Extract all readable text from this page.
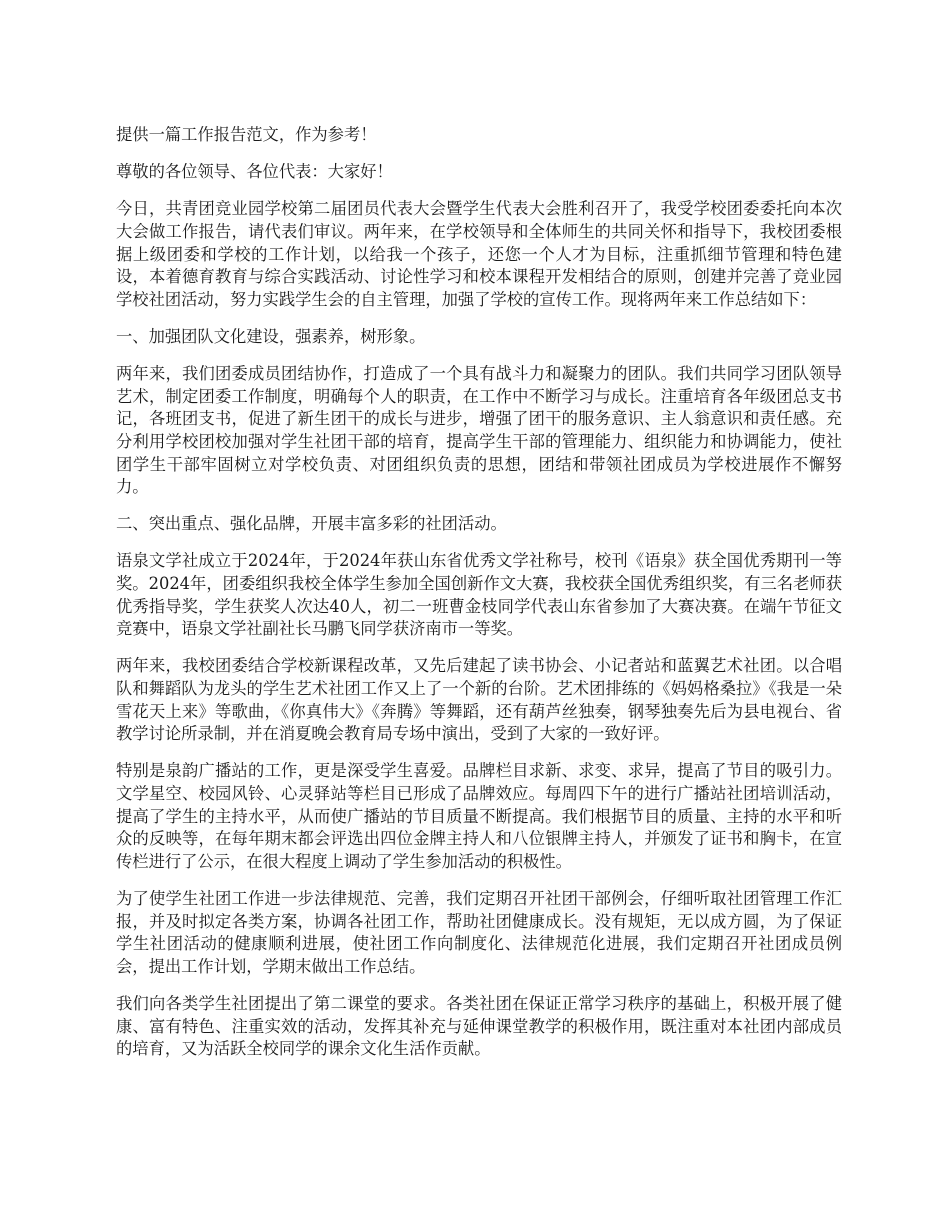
提供一篇工作报告范文，作为参考！

尊敬的各位领导、各位代表：大家好！

今日，共青团竞业园学校第二届团员代表大会暨学生代表大会胜利召开了，我受学校团委委托向本次大会做工作报告，请代表们审议。两年来，在学校领导和全体师生的共同关怀和指导下，我校团委根据上级团委和学校的工作计划，以给我一个孩子，还您一个人才为目标，注重抓细节管理和特色建设，本着德育教育与综合实践活动、讨论性学习和校本课程开发相结合的原则，创建并完善了竞业园学校社团活动，努力实践学生会的自主管理，加强了学校的宣传工作。现将两年来工作总结如下：

一、加强团队文化建设，强素养，树形象。

两年来，我们团委成员团结协作，打造成了一个具有战斗力和凝聚力的团队。我们共同学习团队领导艺术，制定团委工作制度，明确每个人的职责，在工作中不断学习与成长。注重培育各年级团总支书记，各班团支书，促进了新生团干的成长与进步，增强了团干的服务意识、主人翁意识和责任感。充分利用学校团校加强对学生社团干部的培育，提高学生干部的管理能力、组织能力和协调能力，使社团学生干部牢固树立对学校负责、对团组织负责的思想，团结和带领社团成员为学校进展作不懈努力。

二、突出重点、强化品牌，开展丰富多彩的社团活动。

语泉文学社成立于2024年，于2024年获山东省优秀文学社称号，校刊《语泉》获全国优秀期刊一等奖。2024年，团委组织我校全体学生参加全国创新作文大赛，我校获全国优秀组织奖，有三名老师获优秀指导奖，学生获奖人次达40人，初二一班曹金枝同学代表山东省参加了大赛决赛。在端午节征文竞赛中，语泉文学社副社长马鹏飞同学获济南市一等奖。

两年来，我校团委结合学校新课程改革，又先后建起了读书协会、小记者站和蓝翼艺术社团。以合唱队和舞蹈队为龙头的学生艺术社团工作又上了一个新的台阶。艺术团排练的《妈妈格桑拉》《我是一朵雪花天上来》等歌曲，《你真伟大》《奔腾》等舞蹈，还有葫芦丝独奏，钢琴独奏先后为县电视台、省教学讨论所录制，并在消夏晚会教育局专场中演出，受到了大家的一致好评。

特别是泉韵广播站的工作，更是深受学生喜爱。品牌栏目求新、求变、求异，提高了节目的吸引力。 文学星空、校园风铃、心灵驿站等栏目已形成了品牌效应。每周四下午的进行广播站社团培训活动，提高了学生的主持水平，从而使广播站的节目质量不断提高。我们根据节目的质量、主持的水平和听众的反映等，在每年期末都会评选出四位金牌主持人和八位银牌主持人，并颁发了证书和胸卡，在宣传栏进行了公示，在很大程度上调动了学生参加活动的积极性。

为了使学生社团工作进一步法律规范、完善，我们定期召开社团干部例会，仔细听取社团管理工作汇报，并及时拟定各类方案，协调各社团工作，帮助社团健康成长。没有规矩，无以成方圆，为了保证学生社团活动的健康顺利进展，使社团工作向制度化、法律规范化进展，我们定期召开社团成员例会，提出工作计划，学期末做出工作总结。

我们向各类学生社团提出了第二课堂的要求。各类社团在保证正常学习秩序的基础上，积极开展了健康、富有特色、注重实效的活动，发挥其补充与延伸课堂教学的积极作用，既注重对本社团内部成员的培育，又为活跃全校同学的课余文化生活作贡献。
